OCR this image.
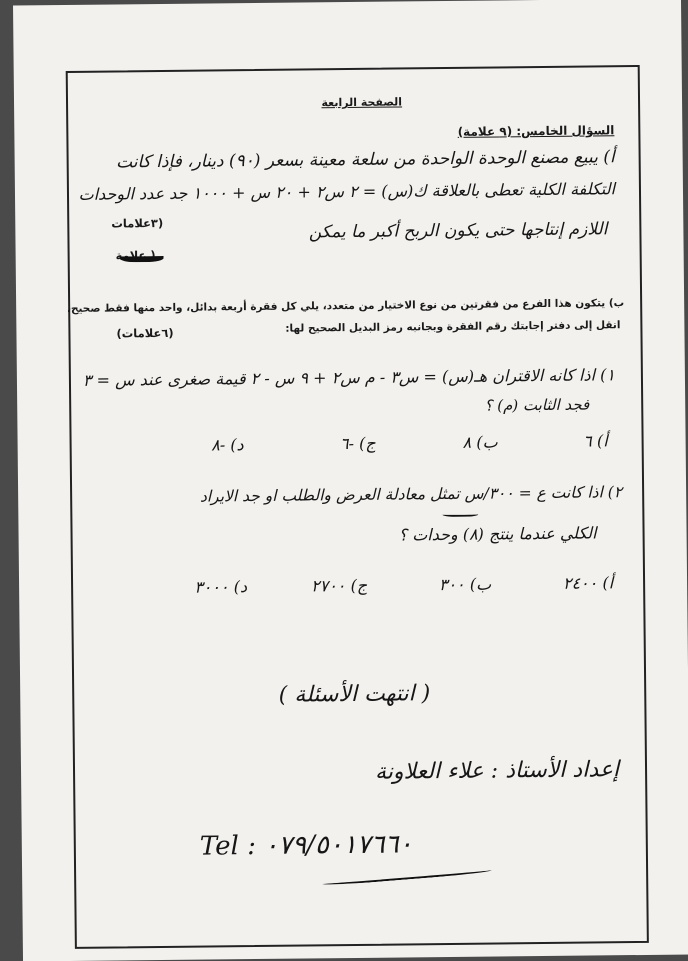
الصفحة الرابعة
السؤال الخامس: (٩ علامة)
أ) يبيع مصنع الوحدة الواحدة من سلعة معينة بسعر (٩٠) دينار، فإذا كانت
التكلفة الكلية تعطى بالعلاقة ك(س) = ٢ س٢ + ٢٠ س + ١٠٠٠ جد عدد الوحدات
(٣علامات	اللازم إنتاجها حتى يكون الربح أكبر ما يمكن
( علامة
ب) يتكون هذا الفرع من فقرتين من نوع الاختيار من متعدد، يلي كل فقرة أربعة بدائل، واحد منها فقط صحيح،
انقل إلى دفتر إجابتك رقم الفقرة وبجانبه رمز البديل الصحيح لها:
(٦علامات)
١) اذا كانه الاقتران هـ(س) = س٣ - م س٢ + ٩ س - ٢ قيمة صغرى عند س = ٣
فجد الثابت (م) ؟
أ) ٦
ب) ٨
ج) -٦
د) -٨
٢) اذا كانت ع = ٣٠٠/س تمثل معادلة العرض والطلب او جد الايراد
الكلي عندما ينتج (٨) وحدات ؟
أ) ٢٤٠٠
ب) ٣٠٠
ج) ٢٧٠٠
د) ٣٠٠٠
( انتهت الأسئلة )
إعداد الأستاذ : علاء العلاونة
Tel : ٠٧٩/٥٠١٧٦٦٠
